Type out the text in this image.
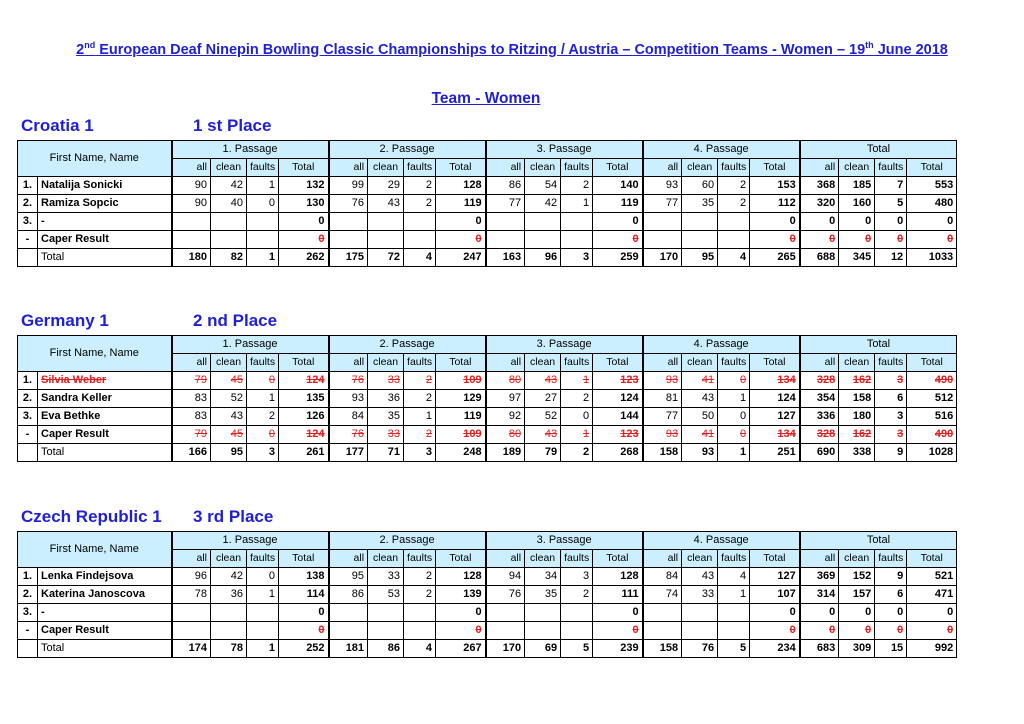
2nd European Deaf Ninepin Bowling Classic Championships to Ritzing / Austria – Competition Teams - Women – 19th June 2018
Team - Women
Croatia 1	1 st Place
First Name, Name		1. Passage				2. Passage				3. Passage				4. Passage				Total			
		all	clean	faults	Total	all	clean	faults	Total	all	clean	faults	Total	all	clean	faults	Total	all	clean	faults	Total
1.	Natalija Sonicki	90	42	1	132	99	29	2	128	86	54	2	140	93	60	2	153	368	185	7	553
2.	Ramiza Sopcic	90	40	0	130	76	43	2	119	77	42	1	119	77	35	2	112	320	160	5	480
3.	-				0				0				0				0	0	0	0	0
-	Caper Result				0				0				0				0	0	0	0	0
	Total	180	82	1	262	175	72	4	247	163	96	3	259	170	95	4	265	688	345	12	1033
Germany 1	2 nd Place
First Name, Name		1. Passage				2. Passage				3. Passage				4. Passage				Total			
		all	clean	faults	Total	all	clean	faults	Total	all	clean	faults	Total	all	clean	faults	Total	all	clean	faults	Total
1.	Silvia Weber	79	45	0	124	76	33	2	109	80	43	1	123	93	41	0	134	328	162	3	490
2.	Sandra Keller	83	52	1	135	93	36	2	129	97	27	2	124	81	43	1	124	354	158	6	512
3.	Eva Bethke	83	43	2	126	84	35	1	119	92	52	0	144	77	50	0	127	336	180	3	516
-	Caper Result	79	45	0	124	76	33	2	109	80	43	1	123	93	41	0	134	328	162	3	490
	Total	166	95	3	261	177	71	3	248	189	79	2	268	158	93	1	251	690	338	9	1028
Czech Republic 1 3 rd Place
First Name, Name		1. Passage				2. Passage				3. Passage				4. Passage				Total			
		all	clean	faults	Total	all	clean	faults	Total	all	clean	faults	Total	all	clean	faults	Total	all	clean	faults	Total
1.	Lenka Findejsova	96	42	0	138	95	33	2	128	94	34	3	128	84	43	4	127	369	152	9	521
2.	Katerina Janoscova	78	36	1	114	86	53	2	139	76	35	2	111	74	33	1	107	314	157	6	471
3.	-				0				0				0				0	0	0	0	0
-	Caper Result				0				0				0				0	0	0	0	0
	Total	174	78	1	252	181	86	4	267	170	69	5	239	158	76	5	234	683	309	15	992
